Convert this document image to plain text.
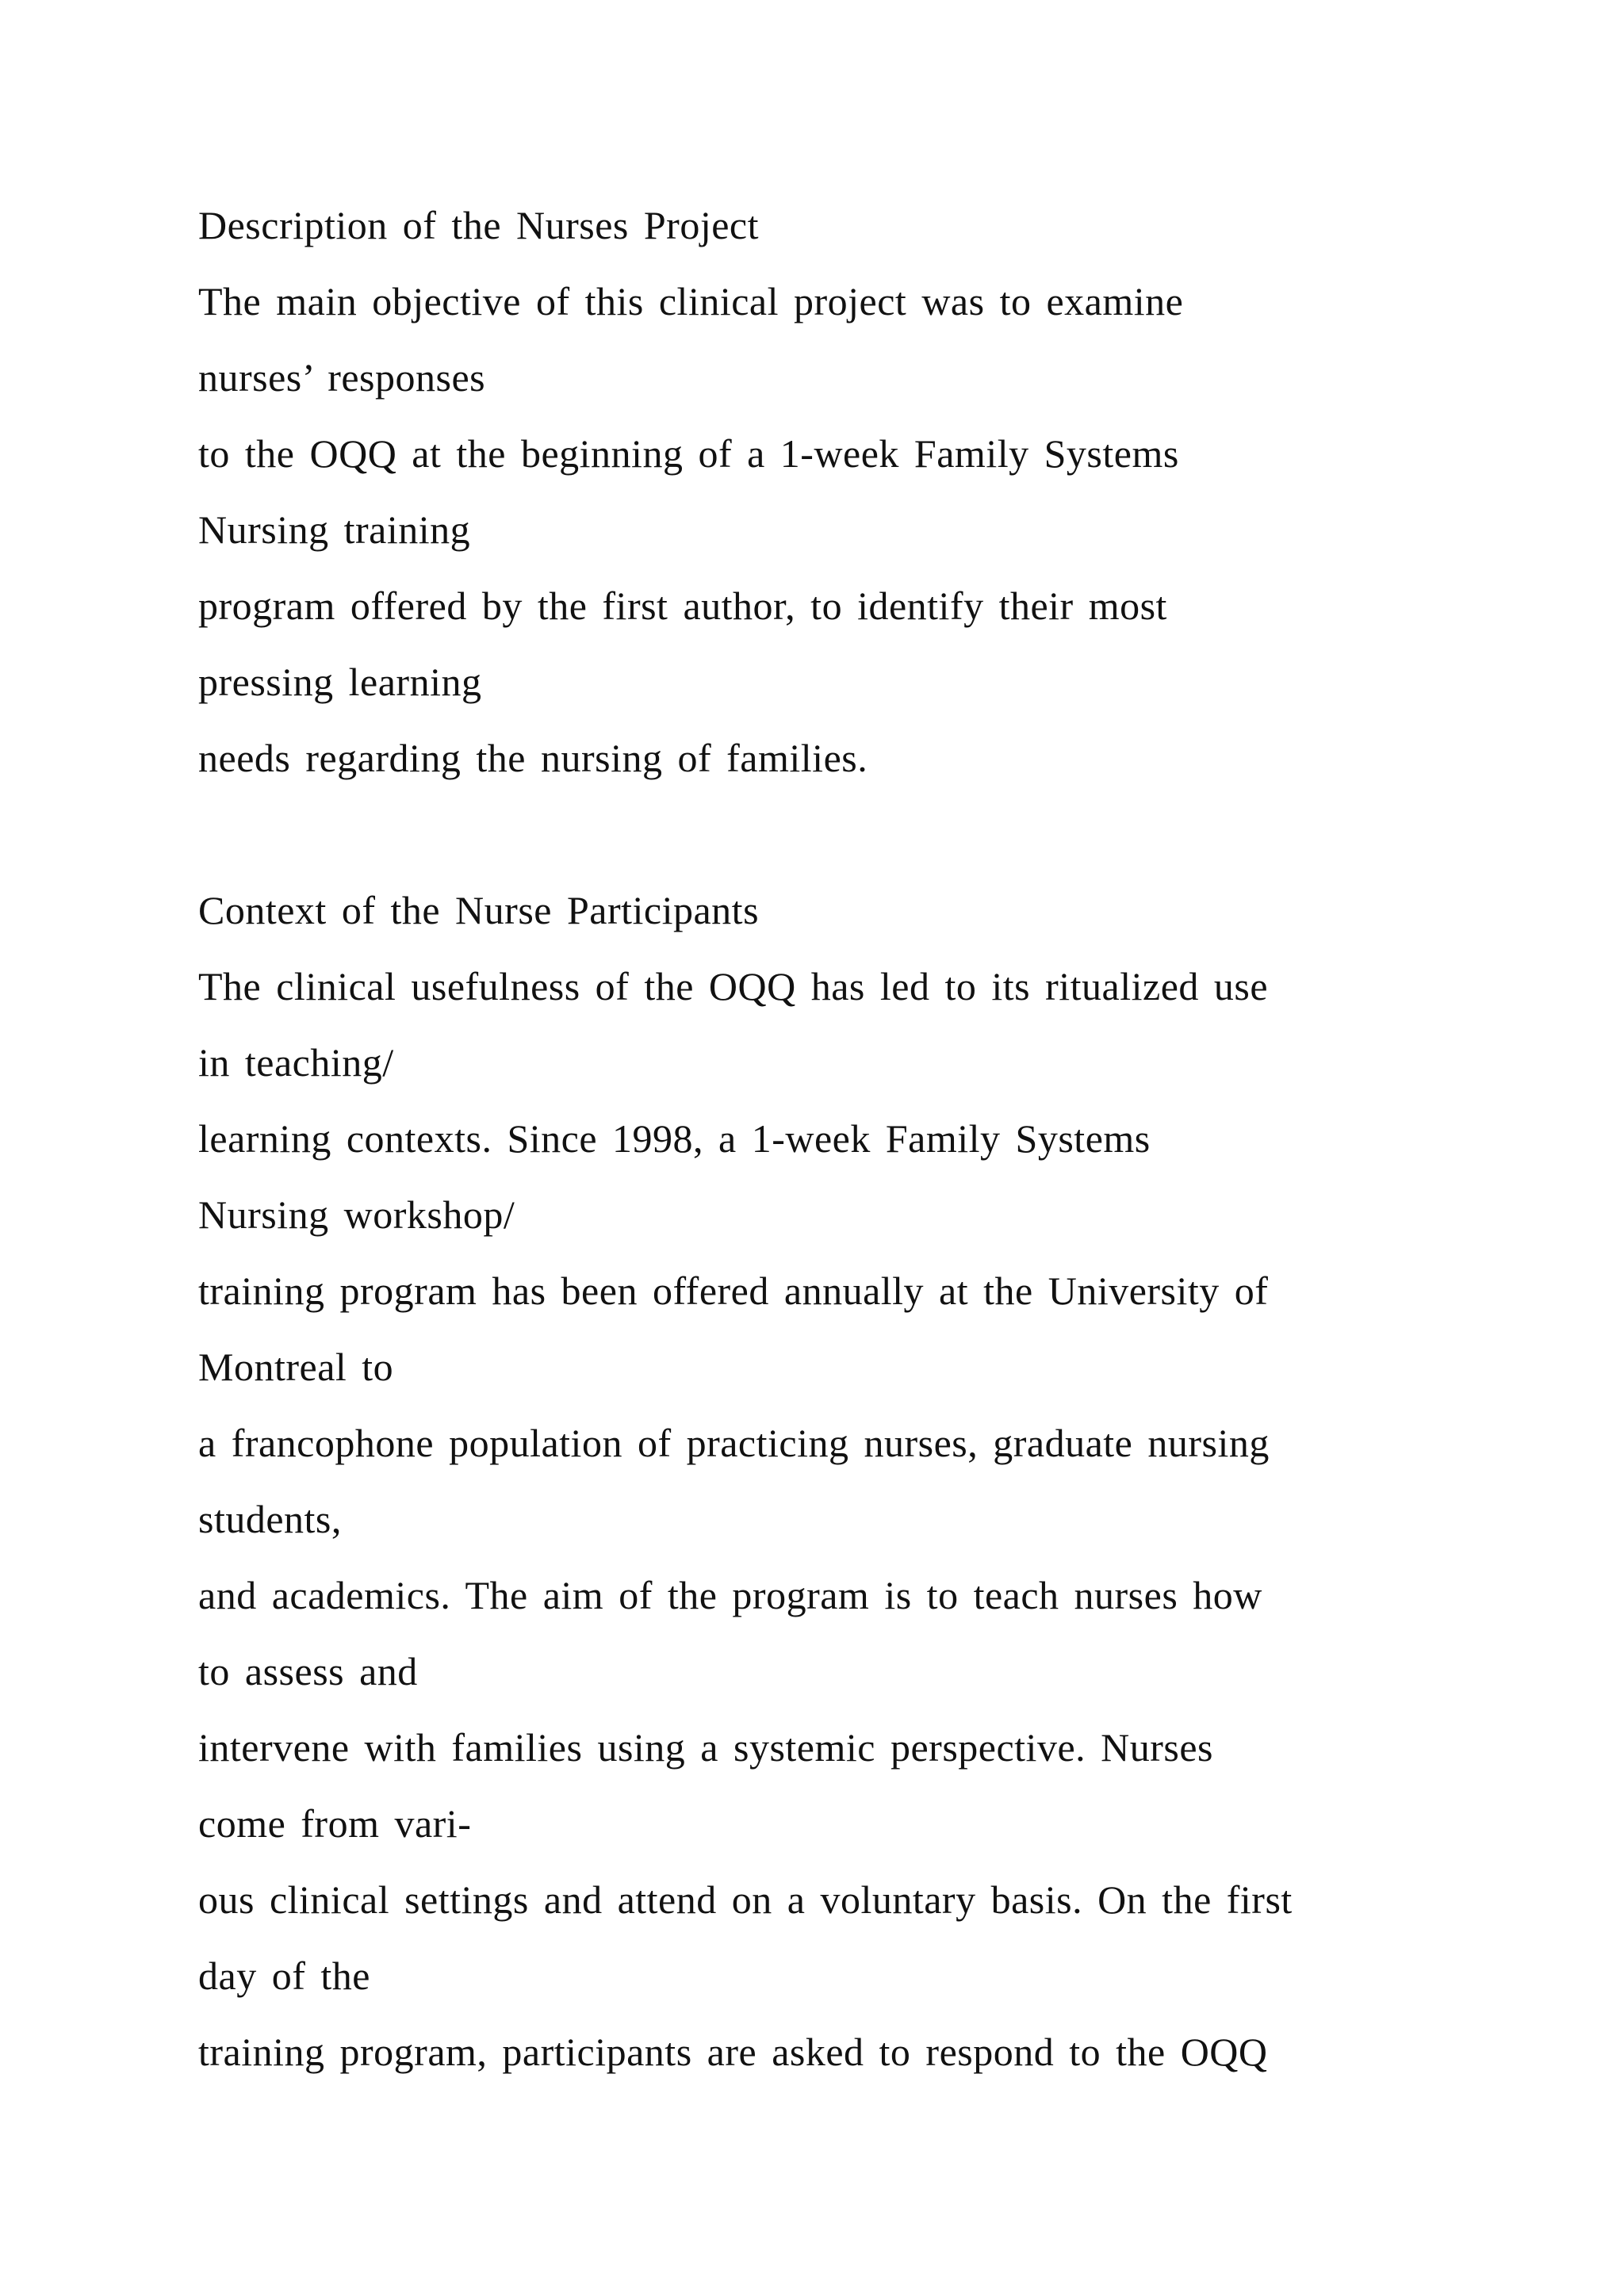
Description of the Nurses Project
The main objective of this clinical project was to examine
nurses’ responses
to the OQQ at the beginning of a 1-week Family Systems
Nursing training
program offered by the first author, to identify their most
pressing learning
needs regarding the nursing of families.
Context of the Nurse Participants
The clinical usefulness of the OQQ has led to its ritualized use
in teaching/
learning contexts. Since 1998, a 1-week Family Systems
Nursing workshop/
training program has been offered annually at the University of
Montreal to
a francophone population of practicing nurses, graduate nursing
students,
and academics. The aim of the program is to teach nurses how
to assess and
intervene with families using a systemic perspective. Nurses
come from vari-
ous clinical settings and attend on a voluntary basis. On the first
day of the
training program, participants are asked to respond to the OQQ
